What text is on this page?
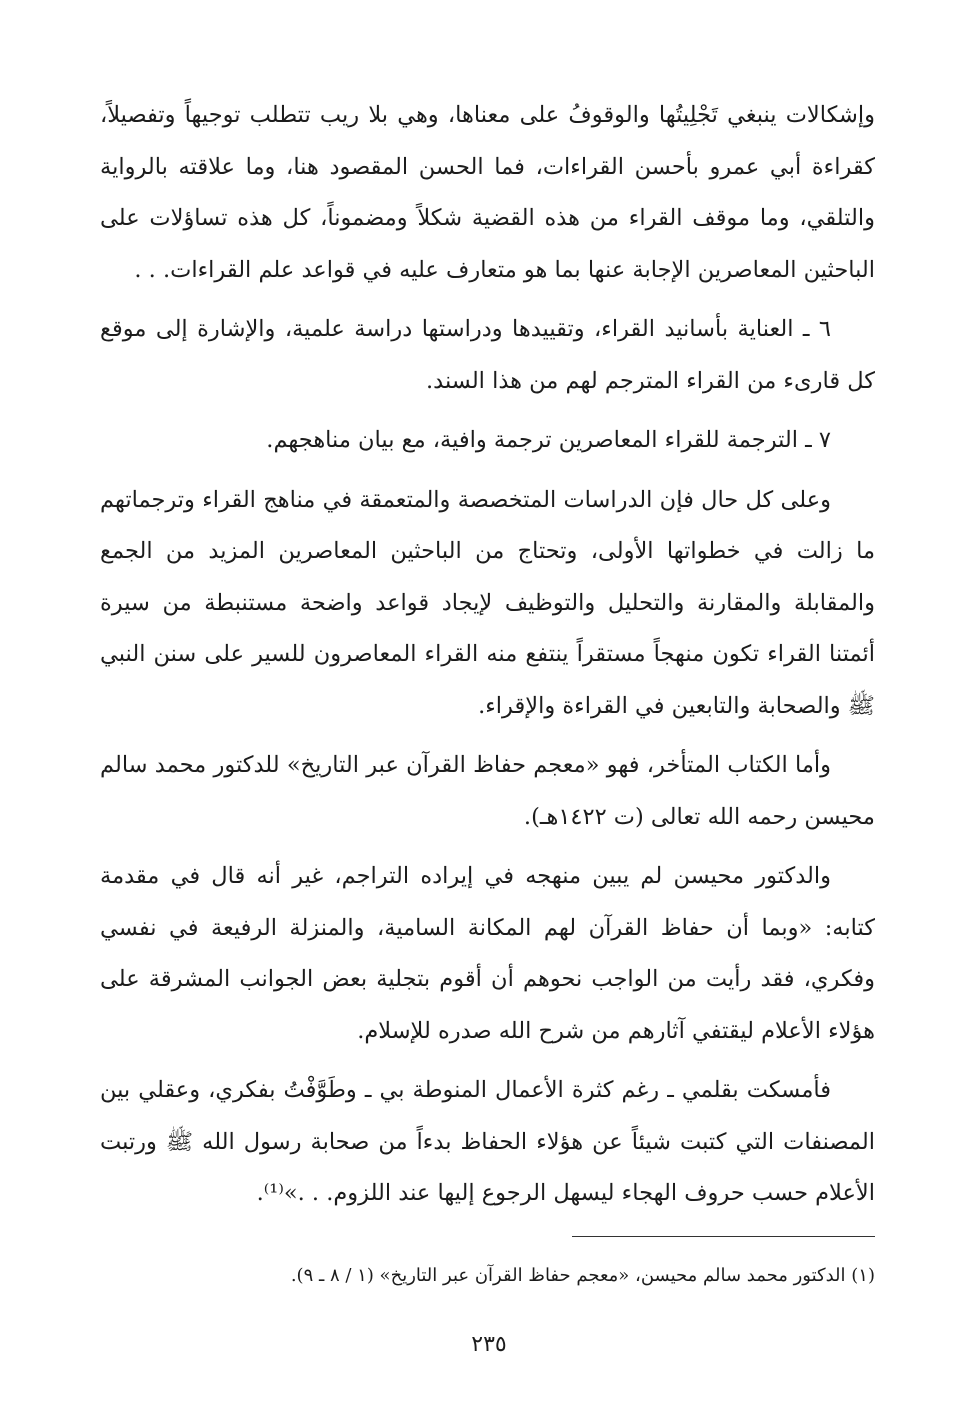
وإشكالات ينبغي تَجْلِيتُها والوقوفُ على معناها، وهي بلا ريب تتطلب توجيهاً وتفصيلاً، كقراءة أبي عمرو بأحسن القراءات، فما الحسن المقصود هنا، وما علاقته بالرواية والتلقي، وما موقف القراء من هذه القضية شكلاً ومضموناً، كل هذه تساؤلات على الباحثين المعاصرين الإجابة عنها بما هو متعارف عليه في قواعد علم القراءات. . .

٦ ـ العناية بأسانيد القراء، وتقييدها ودراستها دراسة علمية، والإشارة إلى موقع كل قارىء من القراء المترجم لهم من هذا السند.

٧ ـ الترجمة للقراء المعاصرين ترجمة وافية، مع بيان مناهجهم.

وعلى كل حال فإن الدراسات المتخصصة والمتعمقة في مناهج القراء وترجماتهم ما زالت في خطواتها الأولى، وتحتاج من الباحثين المعاصرين المزيد من الجمع والمقابلة والمقارنة والتحليل والتوظيف لإيجاد قواعد واضحة مستنبطة من سيرة أئمتنا القراء تكون منهجاً مستقراً ينتفع منه القراء المعاصرون للسير على سنن النبي ﷺ والصحابة والتابعين في القراءة والإقراء.

وأما الكتاب المتأخر، فهو «معجم حفاظ القرآن عبر التاريخ» للدكتور محمد سالم محيسن رحمه الله تعالى (ت ١٤٢٢هـ).

والدكتور محيسن لم يبين منهجه في إيراده التراجم، غير أنه قال في مقدمة كتابه: «وبما أن حفاظ القرآن لهم المكانة السامية، والمنزلة الرفيعة في نفسي وفكري، فقد رأيت من الواجب نحوهم أن أقوم بتجلية بعض الجوانب المشرقة على هؤلاء الأعلام ليقتفي آثارهم من شرح الله صدره للإسلام.

فأمسكت بقلمي ـ رغم كثرة الأعمال المنوطة بي ـ وطَوَّفْتُ بفكري، وعقلي بين المصنفات التي كتبت شيئاً عن هؤلاء الحفاظ بدءاً من صحابة رسول الله ﷺ ورتبت الأعلام حسب حروف الهجاء ليسهل الرجوع إليها عند اللزوم. . .»⁽¹⁾.

(١) الدكتور محمد سالم محيسن، «معجم حفاظ القرآن عبر التاريخ» (١ / ٨ ـ ٩).
٢٣٥
